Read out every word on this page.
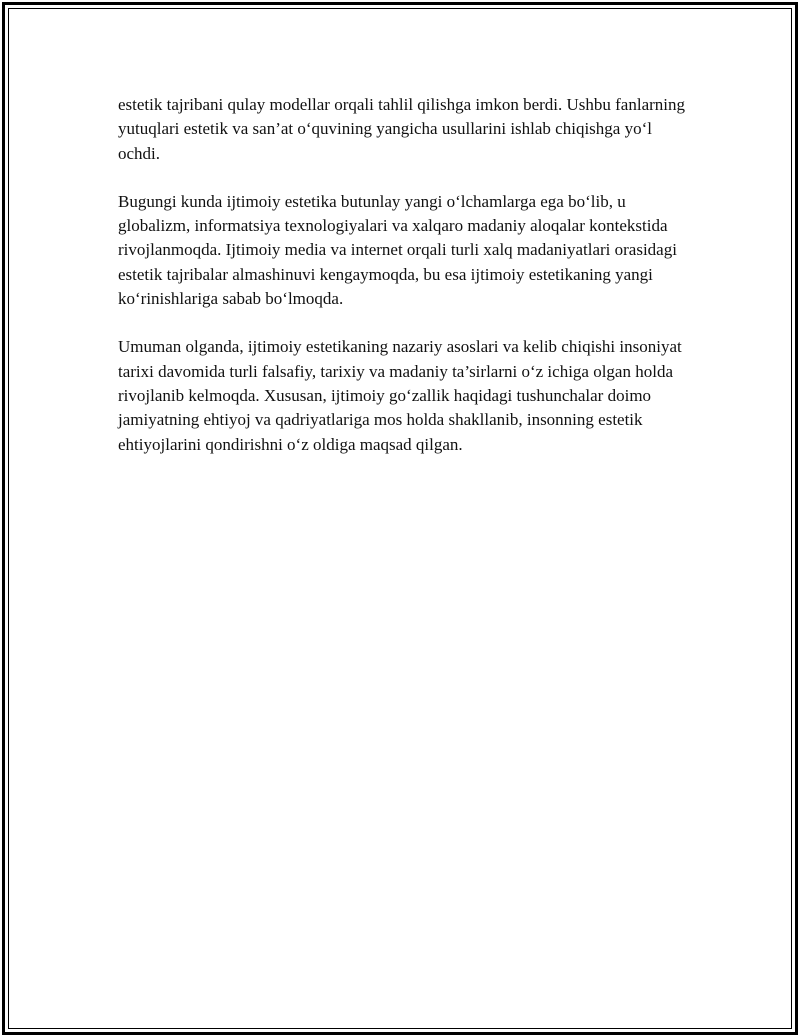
estetik tajribani qulay modellar orqali tahlil qilishga imkon berdi. Ushbu fanlarning yutuqlari estetik va san’at o‘quvining yangicha usullarini ishlab chiqishga yo‘l ochdi.

Bugungi kunda ijtimoiy estetika butunlay yangi o‘lchamlarga ega bo‘lib, u globalizm, informatsiya texnologiyalari va xalqaro madaniy aloqalar kontekstida rivojlanmoqda. Ijtimoiy media va internet orqali turli xalq madaniyatlari orasidagi estetik tajribalar almashinuvi kengaymoqda, bu esa ijtimoiy estetikaning yangi ko‘rinishlariga sabab bo‘lmoqda.

Umuman olganda, ijtimoiy estetikaning nazariy asoslari va kelib chiqishi insoniyat tarixi davomida turli falsafiy, tarixiy va madaniy ta’sirlarni o‘z ichiga olgan holda rivojlanib kelmoqda. Xususan, ijtimoiy go‘zallik haqidagi tushunchalar doimo jamiyatning ehtiyoj va qadriyatlariga mos holda shakllanib, insonning estetik ehtiyojlarini qondirishni o‘z oldiga maqsad qilgan.
